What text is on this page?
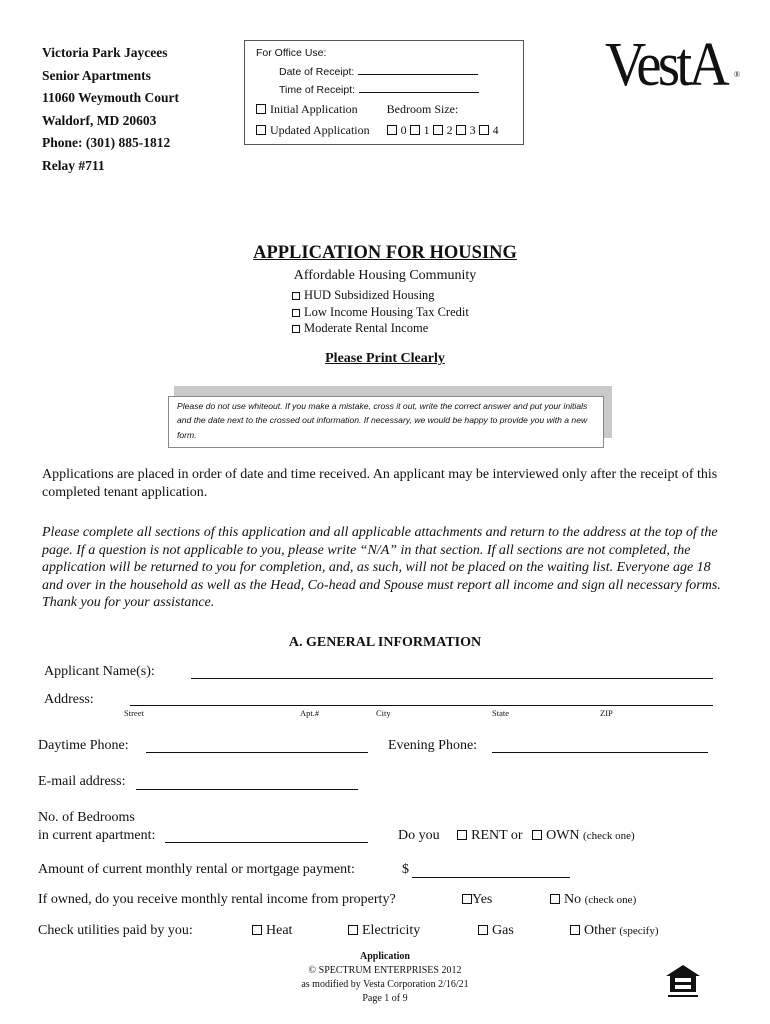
Victoria Park Jaycees
Senior Apartments
11060 Weymouth Court
Waldorf, MD 20603
Phone: (301) 885-1812
Relay #711
For Office Use:
Date of Receipt:
Time of Receipt:
Initial Application Bedroom Size:
Updated Application	0 1 2 3 4
VestA ®
APPLICATION FOR HOUSING
Affordable Housing Community
HUD Subsidized Housing
Low Income Housing Tax Credit
Moderate Rental Income
Please Print Clearly
Please do not use whiteout. If you make a mistake, cross it out, write the correct answer and put your initials and the date next to the crossed out information. If necessary, we would be happy to provide you with a new form.
Applications are placed in order of date and time received. An applicant may be interviewed only after the receipt of this completed tenant application.
Please complete all sections of this application and all applicable attachments and return to the address at the top of the page. If a question is not applicable to you, please write “N/A” in that section. If all sections are not completed, the application will be returned to you for completion, and, as such, will not be placed on the waiting list. Everyone age 18 and over in the household as well as the Head, Co-head and Spouse must report all income and sign all necessary forms. Thank you for your assistance.
A. GENERAL INFORMATION
Applicant Name(s):
Address:
Street	Apt.#	City	State	ZIP
Daytime Phone:	Evening Phone:
E-mail address:
No. of Bedrooms
in current apartment:	Do you RENT or OWN (check one)
Amount of current monthly rental or mortgage payment:	$
If owned, do you receive monthly rental income from property?	Yes	No (check one)
Check utilities paid by you:	Heat	Electricity	Gas	Other (specify)
Application
© SPECTRUM ENTERPRISES 2012
as modified by Vesta Corporation 2/16/21
Page 1 of 9
